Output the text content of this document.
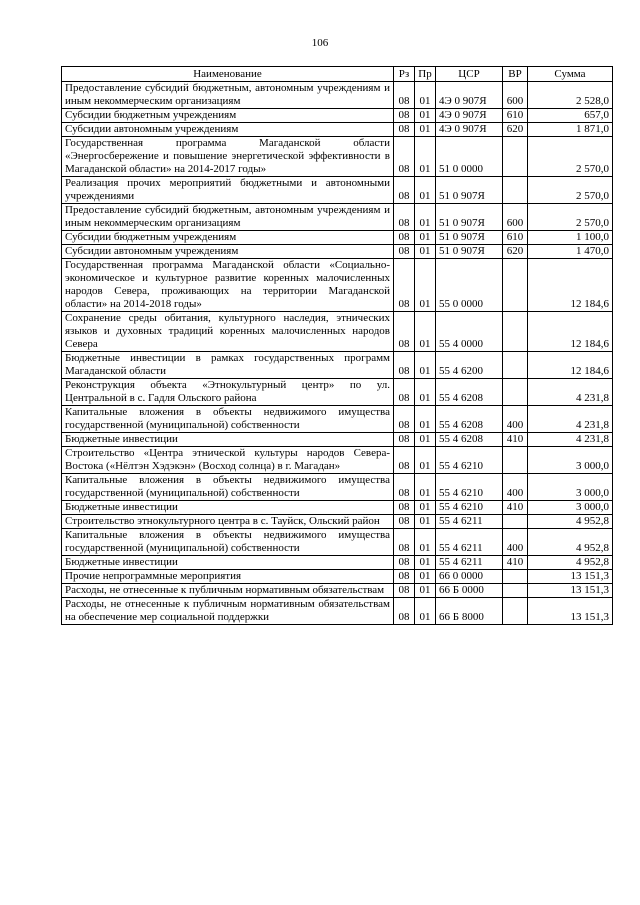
106
Наименование	Рз	Пр	ЦСР	ВР	Сумма
Предоставление субсидий бюджетным, автономным учреждениям и иным некоммерческим организациям	08	01	4Э 0 907Я	600	2 528,0
Субсидии бюджетным учреждениям	08	01	4Э 0 907Я	610	657,0
Субсидии автономным учреждениям	08	01	4Э 0 907Я	620	1 871,0
Государственная программа Магаданской области «Энергосбережение и повышение энергетической эффективности в Магаданской области» на 2014-2017 годы»	08	01	51 0 0000		2 570,0
Реализация прочих мероприятий бюджетными и автономными учреждениями	08	01	51 0 907Я		2 570,0
Предоставление субсидий бюджетным, автономным учреждениям и иным некоммерческим организациям	08	01	51 0 907Я	600	2 570,0
Субсидии бюджетным учреждениям	08	01	51 0 907Я	610	1 100,0
Субсидии автономным учреждениям	08	01	51 0 907Я	620	1 470,0
Государственная программа Магаданской области «Социально-экономическое и культурное развитие коренных малочисленных народов Севера, проживающих на территории Магаданской области» на 2014-2018 годы»	08	01	55 0 0000		12 184,6
Сохранение среды обитания, культурного наследия, этнических языков и духовных традиций коренных малочисленных народов Севера	08	01	55 4 0000		12 184,6
Бюджетные инвестиции в рамках государственных программ Магаданской области	08	01	55 4 6200		12 184,6
Реконструкция объекта «Этнокультурный центр» по ул. Центральной в с. Гадля Ольского района	08	01	55 4 6208		4 231,8
Капитальные вложения в объекты недвижимого имущества государственной (муниципальной) собственности	08	01	55 4 6208	400	4 231,8
Бюджетные инвестиции	08	01	55 4 6208	410	4 231,8
Строительство «Центра этнической культуры народов Севера-Востока («Нёлтэн Хэдэкэн» (Восход солнца) в г. Магадан»	08	01	55 4 6210		3 000,0
Капитальные вложения в объекты недвижимого имущества государственной (муниципальной) собственности	08	01	55 4 6210	400	3 000,0
Бюджетные инвестиции	08	01	55 4 6210	410	3 000,0
Строительство этнокультурного центра в с. Тауйск, Ольский район	08	01	55 4 6211		4 952,8
Капитальные вложения в объекты недвижимого имущества государственной (муниципальной) собственности	08	01	55 4 6211	400	4 952,8
Бюджетные инвестиции	08	01	55 4 6211	410	4 952,8
Прочие непрограммные мероприятия	08	01	66 0 0000		13 151,3
Расходы, не отнесенные к публичным нормативным обязательствам	08	01	66 Б 0000		13 151,3
Расходы, не отнесенные к публичным нормативным обязательствам на обеспечение мер социальной поддержки	08	01	66 Б 8000		13 151,3
